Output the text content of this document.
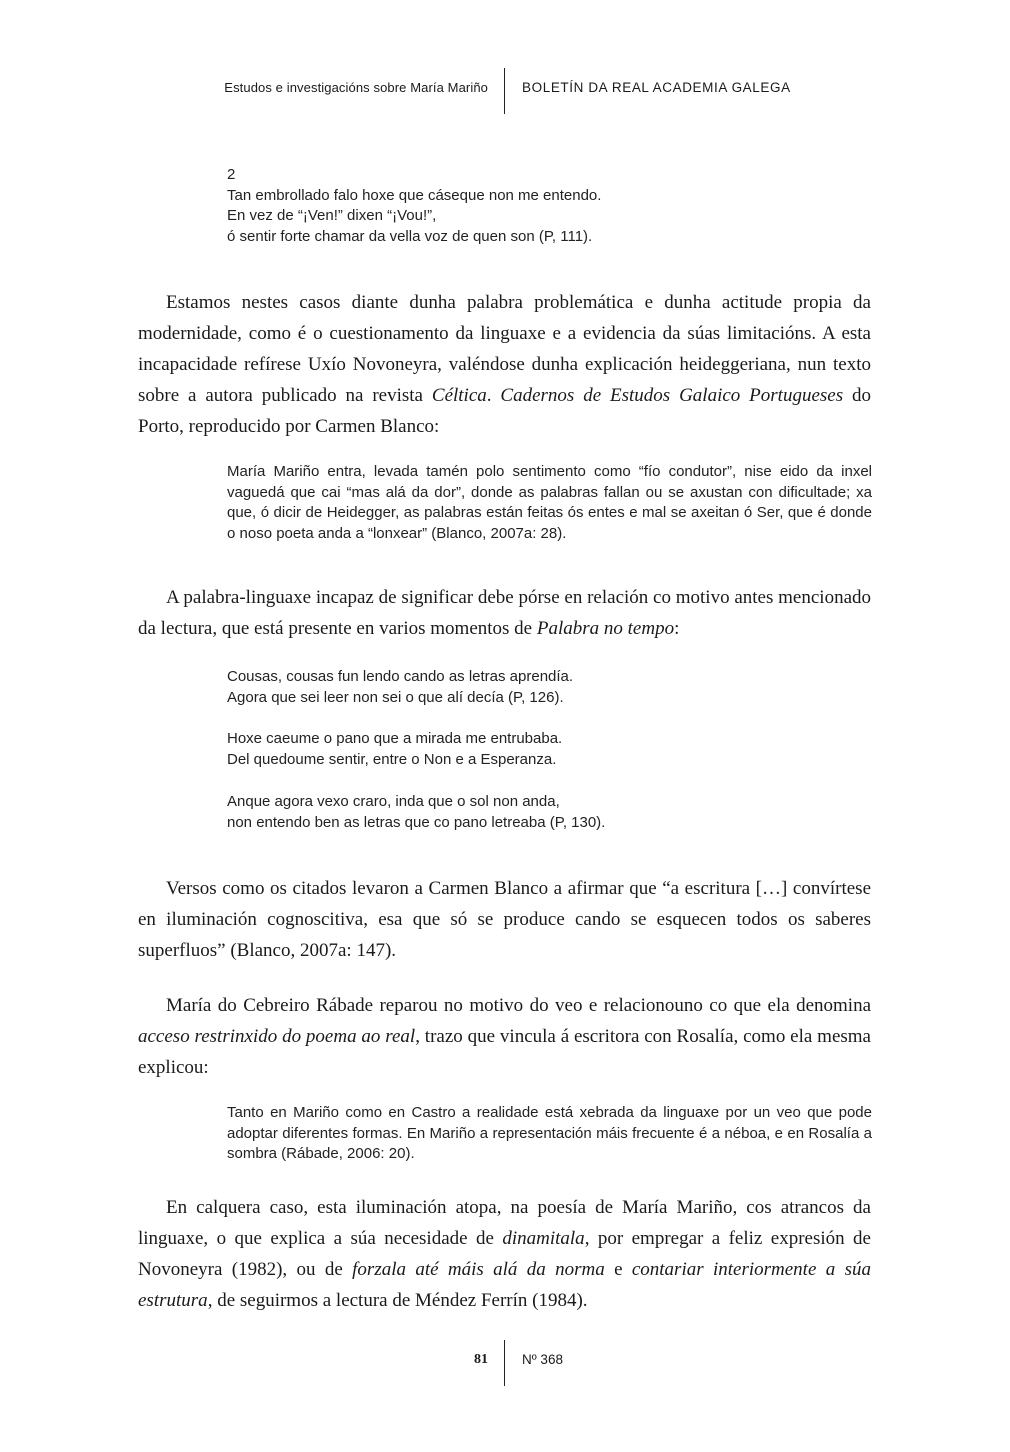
Estudos e investigacións sobre María Mariño	BOLETÍN DA REAL ACADEMIA GALEGA
2
Tan embrollado falo hoxe que cáseque non me entendo.
En vez de “¡Ven!” dixen “¡Vou!”,
ó sentir forte chamar da vella voz de quen son (P, 111).

Estamos nestes casos diante dunha palabra problemática e dunha actitude propia da modernidade, como é o cuestionamento da linguaxe e a evidencia da súas limitacións. A esta incapacidade refírese Uxío Novoneyra, valéndose dunha explicación heideggeriana, nun texto sobre a autora publicado na revista Céltica. Cadernos de Estudos Galaico Portugueses do Porto, reproducido por Carmen Blanco:

María Mariño entra, levada tamén polo sentimento como “fío condutor”, nise eido da inxel vaguedá que cai “mas alá da dor”, donde as palabras fallan ou se axustan con dificultade; xa que, ó dicir de Heidegger, as palabras están feitas ós entes e mal se axeitan ó Ser, que é donde o noso poeta anda a “lonxear” (Blanco, 2007a: 28).

A palabra-linguaxe incapaz de significar debe pórse en relación co motivo antes mencionado da lectura, que está presente en varios momentos de Palabra no tempo:

Cousas, cousas fun lendo cando as letras aprendía.
Agora que sei leer non sei o que alí decía (P, 126).
Hoxe caeume o pano que a mirada me entrubaba.
Del quedoume sentir, entre o Non e a Esperanza.
Anque agora vexo craro, inda que o sol non anda,
non entendo ben as letras que co pano letreaba (P, 130).

Versos como os citados levaron a Carmen Blanco a afirmar que “a escritura […] convírtese en iluminación cognoscitiva, esa que só se produce cando se esquecen todos os saberes superfluos” (Blanco, 2007a: 147).

María do Cebreiro Rábade reparou no motivo do veo e relacionouno co que ela denomina acceso restrinxido do poema ao real, trazo que vincula á escritora con Rosalía, como ela mesma explicou:

Tanto en Mariño como en Castro a realidade está xebrada da linguaxe por un veo que pode adoptar diferentes formas. En Mariño a representación máis frecuente é a néboa, e en Rosalía a sombra (Rábade, 2006: 20).

En calquera caso, esta iluminación atopa, na poesía de María Mariño, cos atrancos da linguaxe, o que explica a súa necesidade de dinamitala, por empregar a feliz expresión de Novoneyra (1982), ou de forzala até máis alá da norma e contariar interiormente a súa estrutura, de seguirmos a lectura de Méndez Ferrín (1984).

81	Nº 368
